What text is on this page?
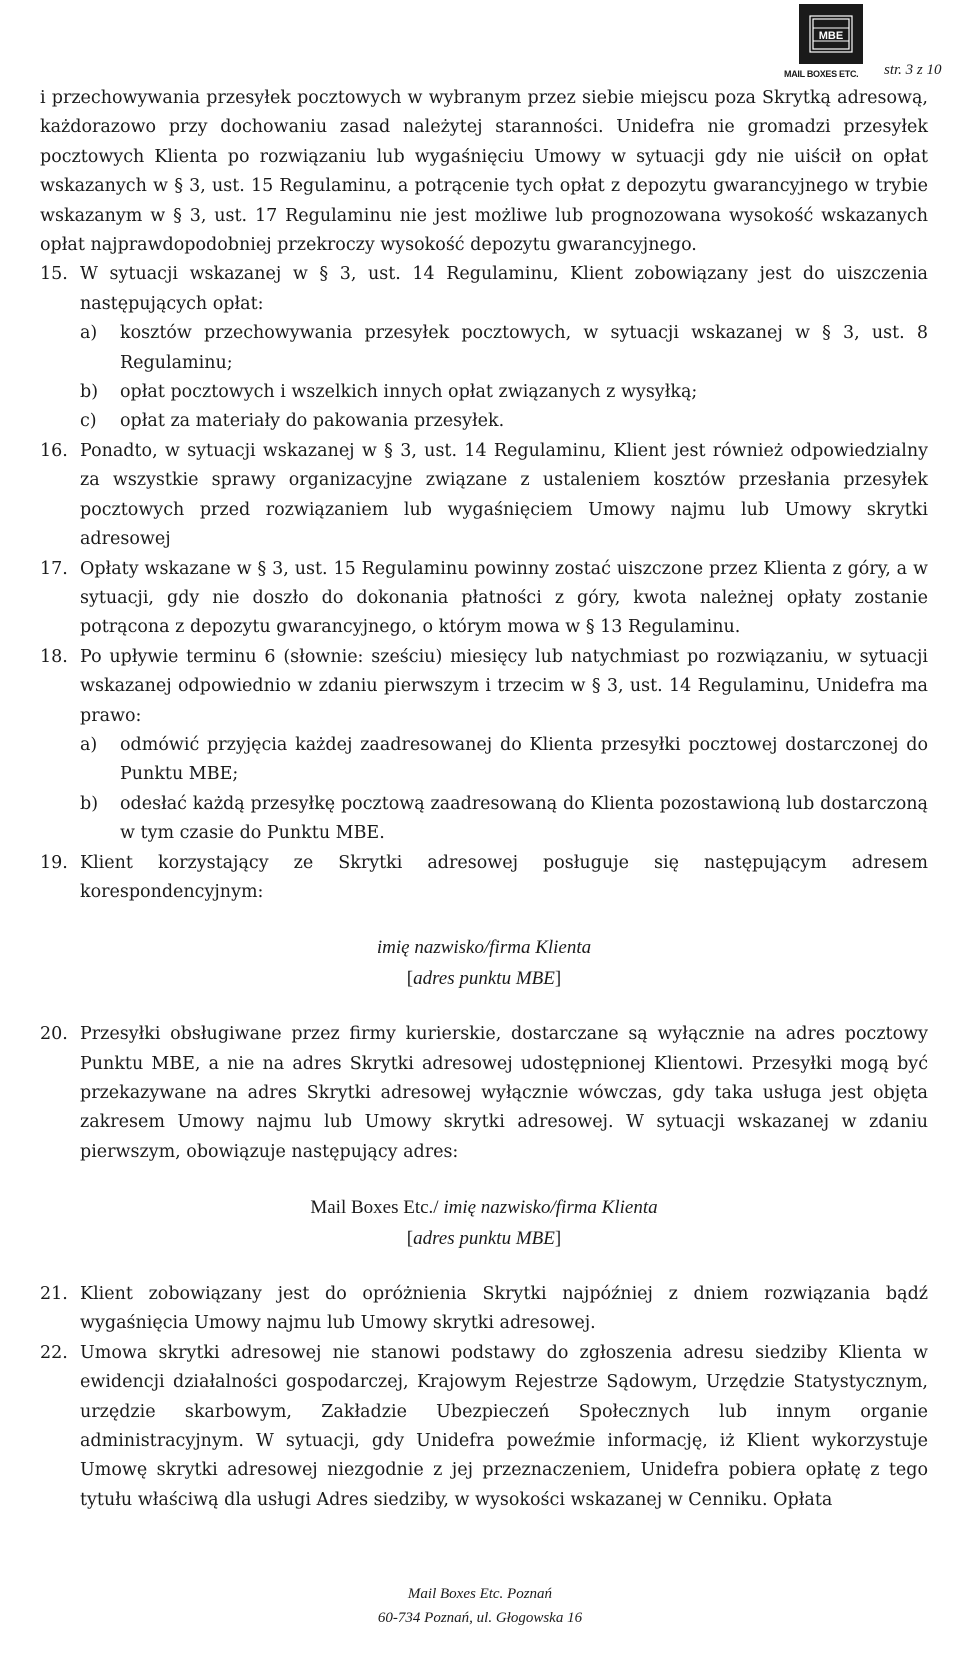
MBE
MAIL BOXES ETC. str. 3 z 10

i przechowywania przesyłek pocztowych w wybranym przez siebie miejscu poza Skrytką adresową, każdorazowo przy dochowaniu zasad należytej staranności. Unidefra nie gromadzi przesyłek pocztowych Klienta po rozwiązaniu lub wygaśnięciu Umowy w sytuacji gdy nie uiścił on opłat wskazanych w § 3, ust. 15 Regulaminu, a potrącenie tych opłat z depozytu gwarancyjnego w trybie wskazanym w § 3, ust. 17 Regulaminu nie jest możliwe lub prognozowana wysokość wskazanych opłat najprawdopodobniej przekroczy wysokość depozytu gwarancyjnego.

15. W sytuacji wskazanej w § 3, ust. 14 Regulaminu, Klient zobowiązany jest do uiszczenia następujących opłat:
a)	kosztów przechowywania przesyłek pocztowych, w sytuacji wskazanej w § 3, ust. 8 Regulaminu;
b)	opłat pocztowych i wszelkich innych opłat związanych z wysyłką;
c)	opłat za materiały do pakowania przesyłek.
16. Ponadto, w sytuacji wskazanej w § 3, ust. 14 Regulaminu, Klient jest również odpowiedzialny za wszystkie sprawy organizacyjne związane z ustaleniem kosztów przesłania przesyłek pocztowych przed rozwiązaniem lub wygaśnięciem Umowy najmu lub Umowy skrytki adresowej
17. Opłaty wskazane w § 3, ust. 15 Regulaminu powinny zostać uiszczone przez Klienta z góry, a w sytuacji, gdy nie doszło do dokonania płatności z góry, kwota należnej opłaty zostanie potrącona z depozytu gwarancyjnego, o którym mowa w § 13 Regulaminu.
18. Po upływie terminu 6 (słownie: sześciu) miesięcy lub natychmiast po rozwiązaniu, w sytuacji wskazanej odpowiednio w zdaniu pierwszym i trzecim w § 3, ust. 14 Regulaminu, Unidefra ma prawo:
a)	odmówić przyjęcia każdej zaadresowanej do Klienta przesyłki pocztowej dostarczonej do Punktu MBE;
b)	odesłać każdą przesyłkę pocztową zaadresowaną do Klienta pozostawioną lub dostarczoną w tym czasie do Punktu MBE.
19. Klient korzystający ze Skrytki adresowej posługuje się następującym adresem korespondencyjnym:

imię nazwisko/firma Klienta
[adres punktu MBE]

20. Przesyłki obsługiwane przez firmy kurierskie, dostarczane są wyłącznie na adres pocztowy Punktu MBE, a nie na adres Skrytki adresowej udostępnionej Klientowi. Przesyłki mogą być przekazywane na adres Skrytki adresowej wyłącznie wówczas, gdy taka usługa jest objęta zakresem Umowy najmu lub Umowy skrytki adresowej. W sytuacji wskazanej w zdaniu pierwszym, obowiązuje następujący adres:

Mail Boxes Etc./ imię nazwisko/firma Klienta
[adres punktu MBE]

21. Klient zobowiązany jest do opróżnienia Skrytki najpóźniej z dniem rozwiązania bądź wygaśnięcia Umowy najmu lub Umowy skrytki adresowej.
22. Umowa skrytki adresowej nie stanowi podstawy do zgłoszenia adresu siedziby Klienta w ewidencji działalności gospodarczej, Krajowym Rejestrze Sądowym, Urzędzie Statystycznym, urzędzie skarbowym, Zakładzie Ubezpieczeń Społecznych lub innym organie administracyjnym. W sytuacji, gdy Unidefra poweźmie informację, iż Klient wykorzystuje Umowę skrytki adresowej niezgodnie z jej przeznaczeniem, Unidefra pobiera opłatę z tego tytułu właściwą dla usługi Adres siedziby, w wysokości wskazanej w Cenniku. Opłata
Mail Boxes Etc. Poznań
60-734 Poznań, ul. Głogowska 16
